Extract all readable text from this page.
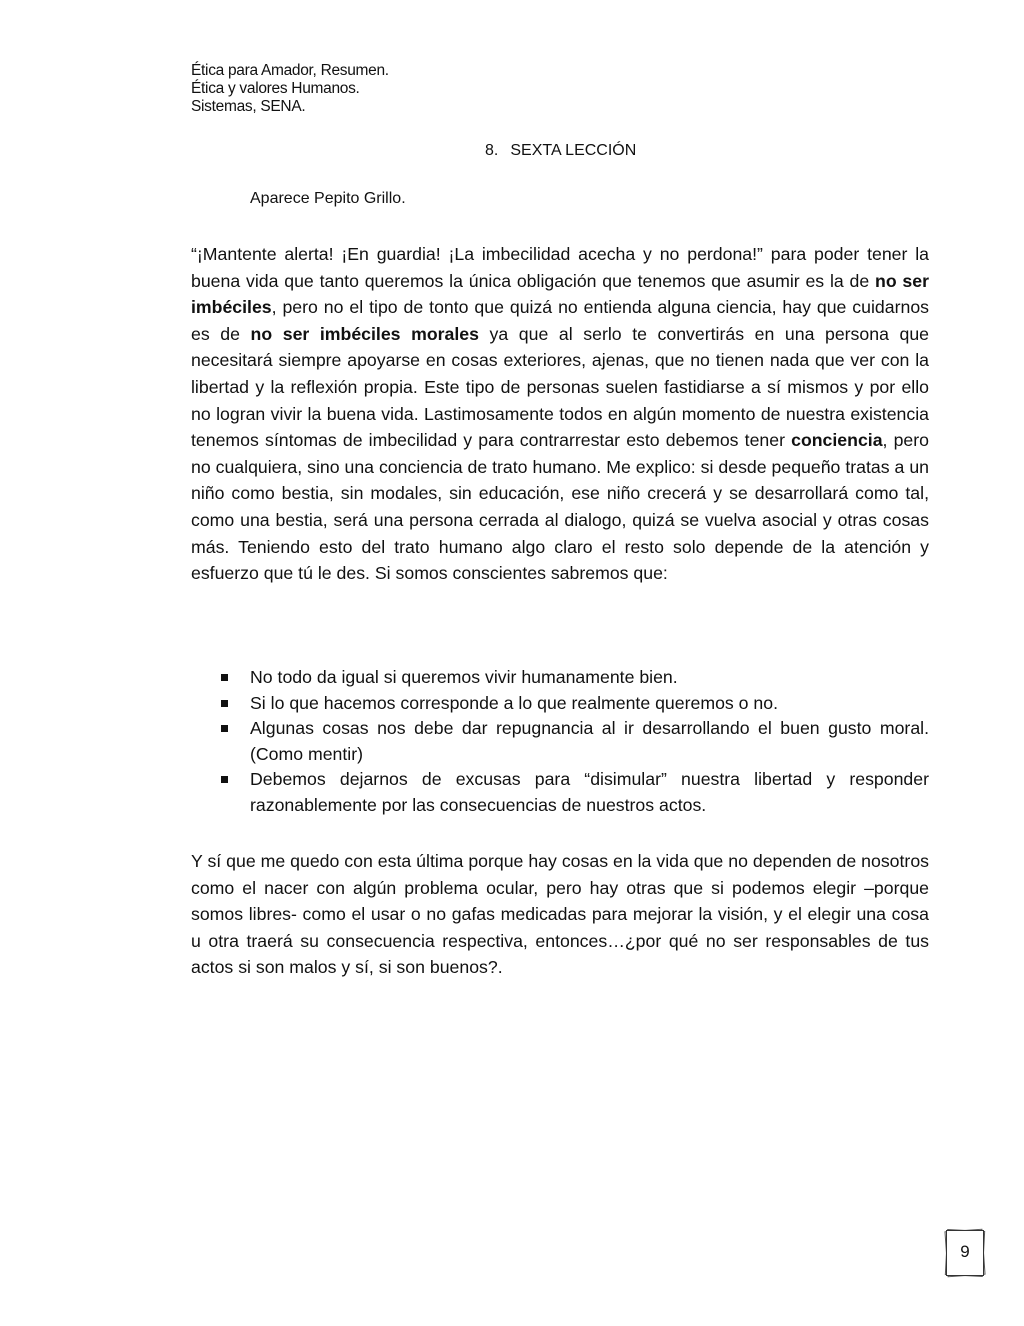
Ética para Amador, Resumen.
Ética y valores Humanos.
Sistemas, SENA.
8. SEXTA LECCIÓN
Aparece Pepito Grillo.

“¡Mantente alerta! ¡En guardia! ¡La imbecilidad acecha y no perdona!” para poder tener la buena vida que tanto queremos la única obligación que tenemos que asumir es la de no ser imbéciles, pero no el tipo de tonto que quizá no entienda alguna ciencia, hay que cuidarnos es de no ser imbéciles morales ya que al serlo te convertirás en una persona que necesitará siempre apoyarse en cosas exteriores, ajenas, que no tienen nada que ver con la libertad y la reflexión propia. Este tipo de personas suelen fastidiarse a sí mismos y por ello no logran vivir la buena vida. Lastimosamente todos en algún momento de nuestra existencia tenemos síntomas de imbecilidad y para contrarrestar esto debemos tener conciencia, pero no cualquiera, sino una conciencia de trato humano. Me explico: si desde pequeño tratas a un niño como bestia, sin modales, sin educación, ese niño crecerá y se desarrollará como tal, como una bestia, será una persona cerrada al dialogo, quizá se vuelva asocial y otras cosas más. Teniendo esto del trato humano algo claro el resto solo depende de la atención y esfuerzo que tú le des. Si somos conscientes sabremos que:

No todo da igual si queremos vivir humanamente bien.
Si lo que hacemos corresponde a lo que realmente queremos o no.
Algunas cosas nos debe dar repugnancia al ir desarrollando el buen gusto moral. (Como mentir)
Debemos dejarnos de excusas para “disimular” nuestra libertad y responder razonablemente por las consecuencias de nuestros actos.

Y sí que me quedo con esta última porque hay cosas en la vida que no dependen de nosotros como el nacer con algún problema ocular, pero hay otras que si podemos elegir –porque somos libres- como el usar o no gafas medicadas para mejorar la visión, y el elegir una cosa u otra traerá su consecuencia respectiva, entonces…¿por qué no ser responsables de tus actos si son malos y sí, si son buenos?.

9
